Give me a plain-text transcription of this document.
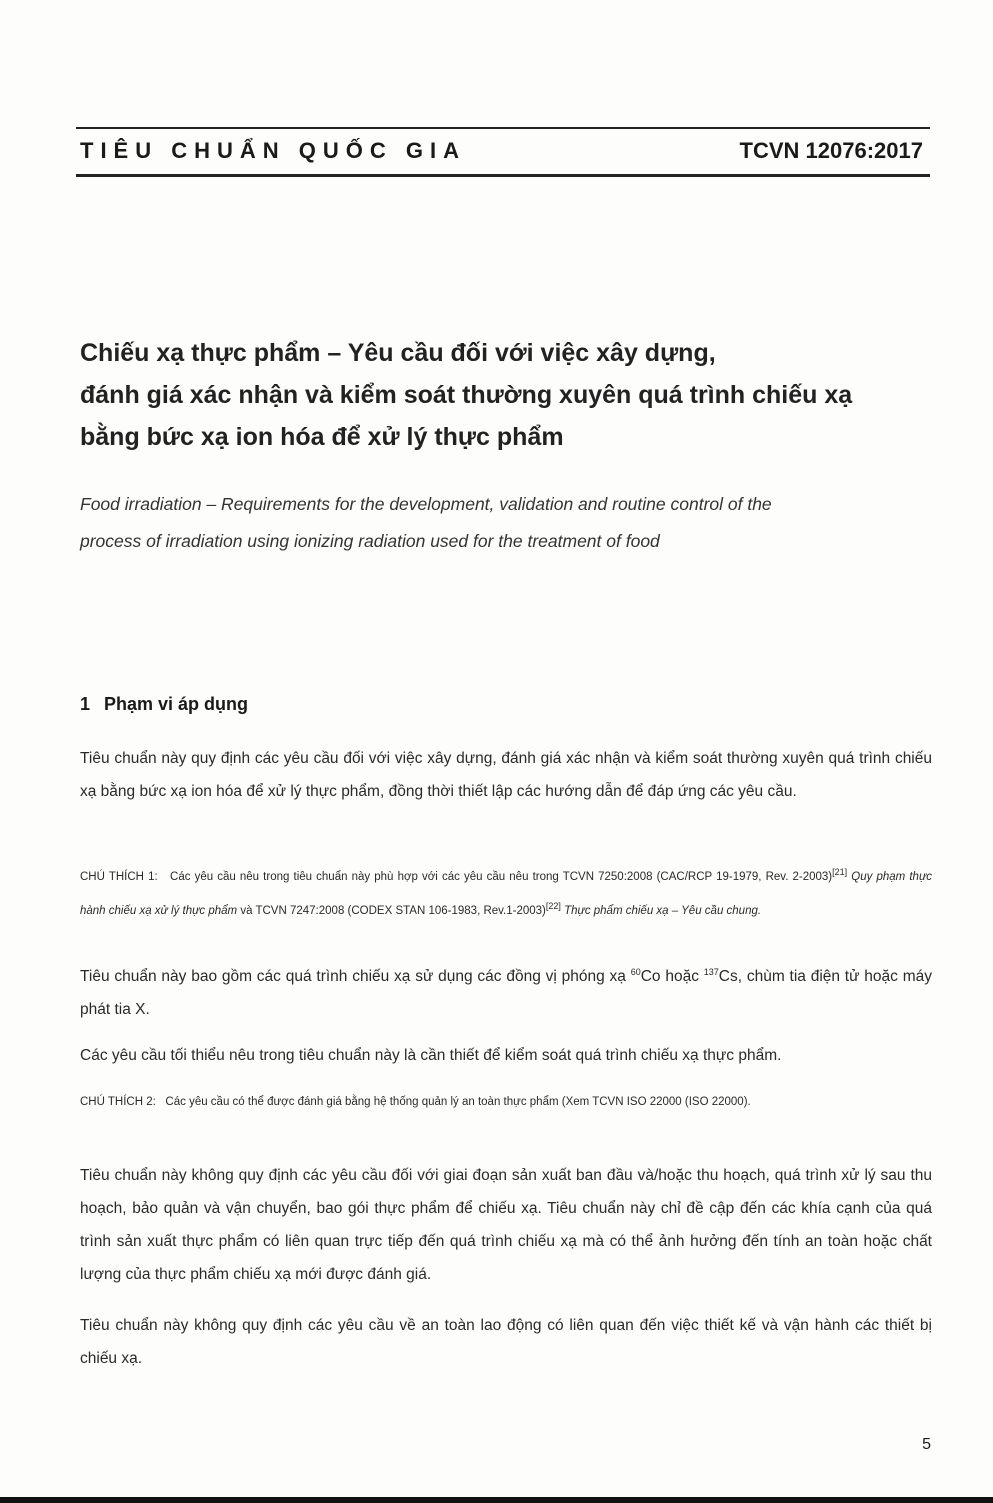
TIÊU CHUẨN QUỐC GIA	TCVN 12076:2017
Chiếu xạ thực phẩm – Yêu cầu đối với việc xây dựng,
đánh giá xác nhận và kiểm soát thường xuyên quá trình chiếu xạ
bằng bức xạ ion hóa để xử lý thực phẩm
Food irradiation – Requirements for the development, validation and routine control of the
process of irradiation using ionizing radiation used for the treatment of food
1 Phạm vi áp dụng
Tiêu chuẩn này quy định các yêu cầu đối với việc xây dựng, đánh giá xác nhận và kiểm soát thường xuyên quá trình chiếu xạ bằng bức xạ ion hóa để xử lý thực phẩm, đồng thời thiết lập các hướng dẫn để đáp ứng các yêu cầu.
CHÚ THÍCH 1: Các yêu cầu nêu trong tiêu chuẩn này phù hợp với các yêu cầu nêu trong TCVN 7250:2008 (CAC/RCP 19-1979, Rev. 2-2003)[21] Quy phạm thực hành chiếu xạ xử lý thực phẩm và TCVN 7247:2008 (CODEX STAN 106-1983, Rev.1-2003)[22] Thực phẩm chiếu xạ – Yêu cầu chung.
Tiêu chuẩn này bao gồm các quá trình chiếu xạ sử dụng các đồng vị phóng xạ $^{60}$Co hoặc $^{137}$Cs, chùm tia điện tử hoặc máy phát tia X.
Các yêu cầu tối thiểu nêu trong tiêu chuẩn này là cần thiết để kiểm soát quá trình chiếu xạ thực phẩm.
CHÚ THÍCH 2: Các yêu cầu có thể được đánh giá bằng hệ thống quản lý an toàn thực phẩm (Xem TCVN ISO 22000 (ISO 22000).
Tiêu chuẩn này không quy định các yêu cầu đối với giai đoạn sản xuất ban đầu và/hoặc thu hoạch, quá trình xử lý sau thu hoạch, bảo quản và vận chuyển, bao gói thực phẩm để chiếu xạ. Tiêu chuẩn này chỉ đề cập đến các khía cạnh của quá trình sản xuất thực phẩm có liên quan trực tiếp đến quá trình chiếu xạ mà có thể ảnh hưởng đến tính an toàn hoặc chất lượng của thực phẩm chiếu xạ mới được đánh giá.
Tiêu chuẩn này không quy định các yêu cầu về an toàn lao động có liên quan đến việc thiết kế và vận hành các thiết bị chiếu xạ.
5
